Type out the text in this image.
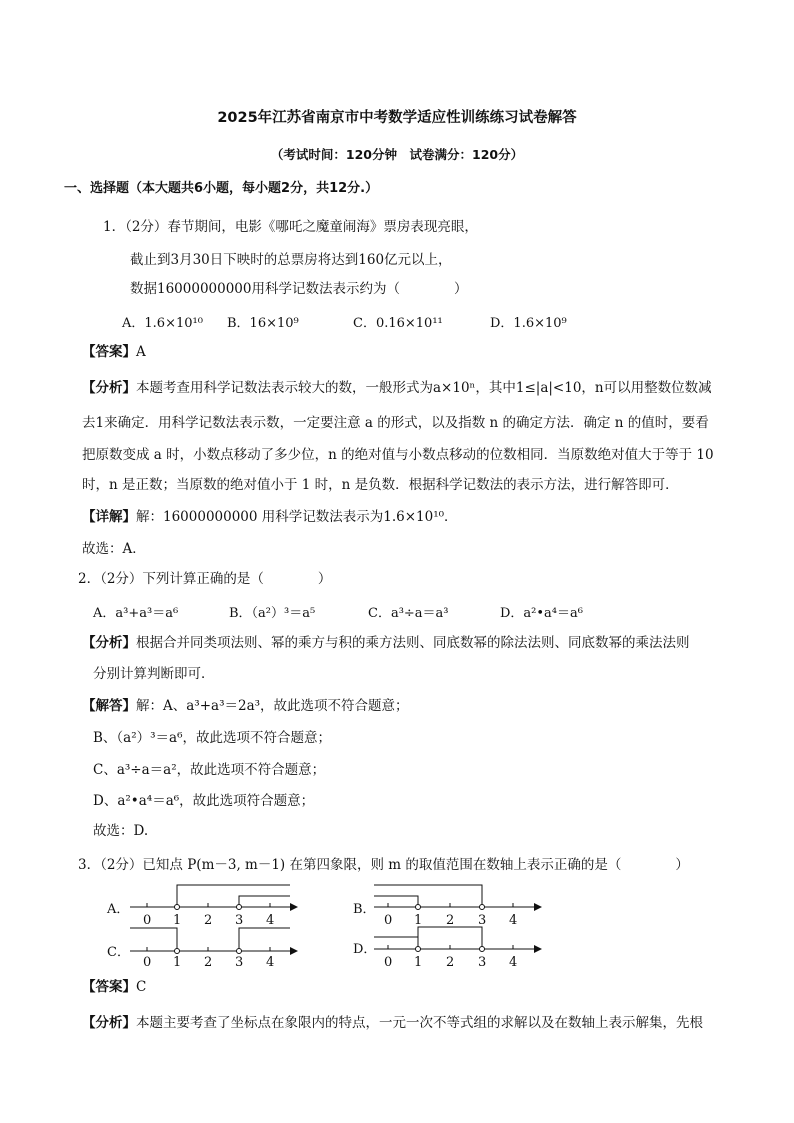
2025年江苏省南京市中考数学适应性训练练习试卷解答
（考试时间：120分钟　试卷满分：120分）
一、选择题（本大题共6小题，每小题2分，共12分.）
1．（2分）春节期间，电影《哪吒之魔童闹海》票房表现亮眼，
截止到3月30日下映时的总票房将达到160亿元以上，
数据16000000000用科学记数法表示约为（　　　　）
A．1.6×10¹⁰ B．16×10⁹	C．0.16×10¹¹	D．1.6×10⁹
【答案】A
【分析】本题考查用科学记数法表示较大的数，一般形式为a×10ⁿ，其中1≤|a|<10，n可以用整数位数减
去1来确定．用科学记数法表示数，一定要注意 a 的形式，以及指数 n 的确定方法．确定 n 的值时，要看
把原数变成 a 时，小数点移动了多少位，n 的绝对值与小数点移动的位数相同．当原数绝对值大于等于 10
时，n 是正数；当原数的绝对值小于 1 时，n 是负数．根据科学记数法的表示方法，进行解答即可．
【详解】解：16000000000 用科学记数法表示为1.6×10¹⁰．
故选：A．
2．（2分）下列计算正确的是（　　　　）
A．a³+a³＝a⁶	B．（a²）³＝a⁵	C．a³÷a＝a³	D．a²•a⁴＝a⁶
【分析】根据合并同类项法则、幂的乘方与积的乘方法则、同底数幂的除法法则、同底数幂的乘法法则
分别计算判断即可．
【解答】解：A、a³+a³＝2a³，故此选项不符合题意；
B、（a²）³＝a⁶，故此选项不符合题意；
C、a³÷a＝a²，故此选项不符合题意；
D、a²•a⁴＝a⁶，故此选项符合题意；
故选：D.
3．（2分）已知点 P(m－3, m－1) 在第四象限，则 m 的取值范围在数轴上表示正确的是（　　　　）
A．
0 1 2 3 4
B．
0 1 2 3 4
C．
0 1 2 3 4
D．
0 1 2 3 4
【答案】C
【分析】本题主要考查了坐标点在象限内的特点，一元一次不等式组的求解以及在数轴上表示解集，先根
